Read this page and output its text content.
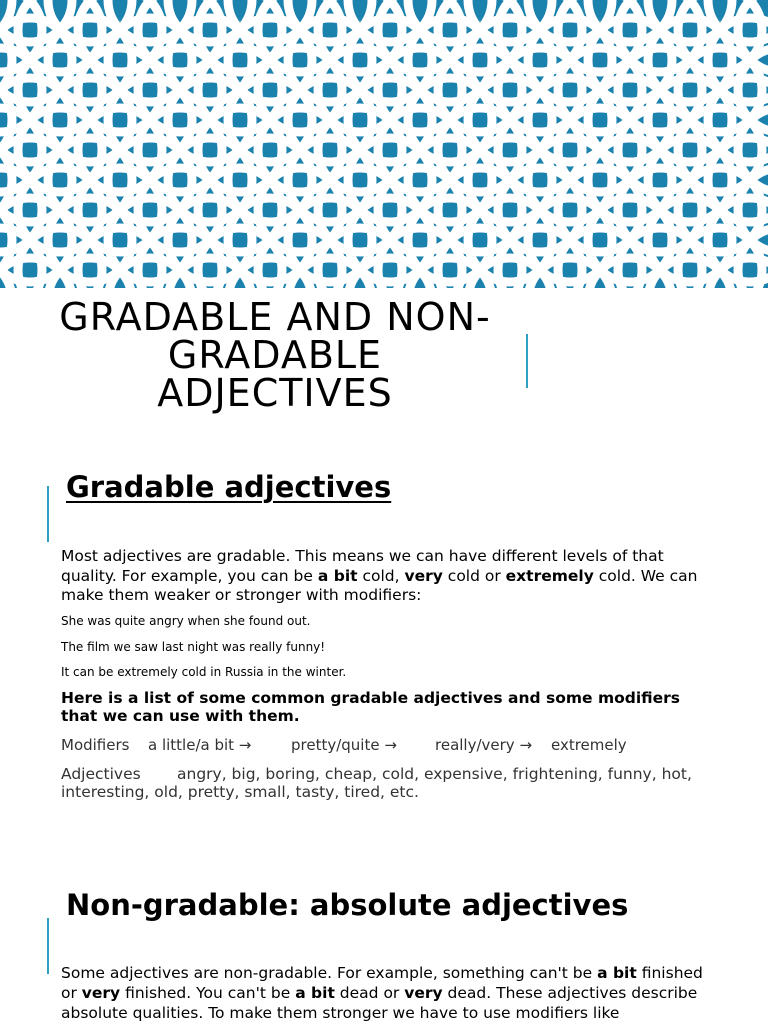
GRADABLE AND NON-
GRADABLE
ADJECTIVES
Gradable adjectives
Most adjectives are gradable. This means we can have different levels of that quality. For example, you can be a bit cold, very cold or extremely cold. We can make them weaker or stronger with modifiers:
She was quite angry when she found out.
The film we saw last night was really funny!
It can be extremely cold in Russia in the winter.
Here is a list of some common gradable adjectives and some modifiers that we can use with them.
Modifiers a little/a bit →	pretty/quite →	really/very → extremely
Adjectives angry, big, boring, cheap, cold, expensive, frightening, funny, hot, interesting, old, pretty, small, tasty, tired, etc.
Non-gradable: absolute adjectives
Some adjectives are non-gradable. For example, something can't be a bit finished or very finished. You can't be a bit dead or very dead. These adjectives describe absolute qualities. To make them stronger we have to use modifiers like
